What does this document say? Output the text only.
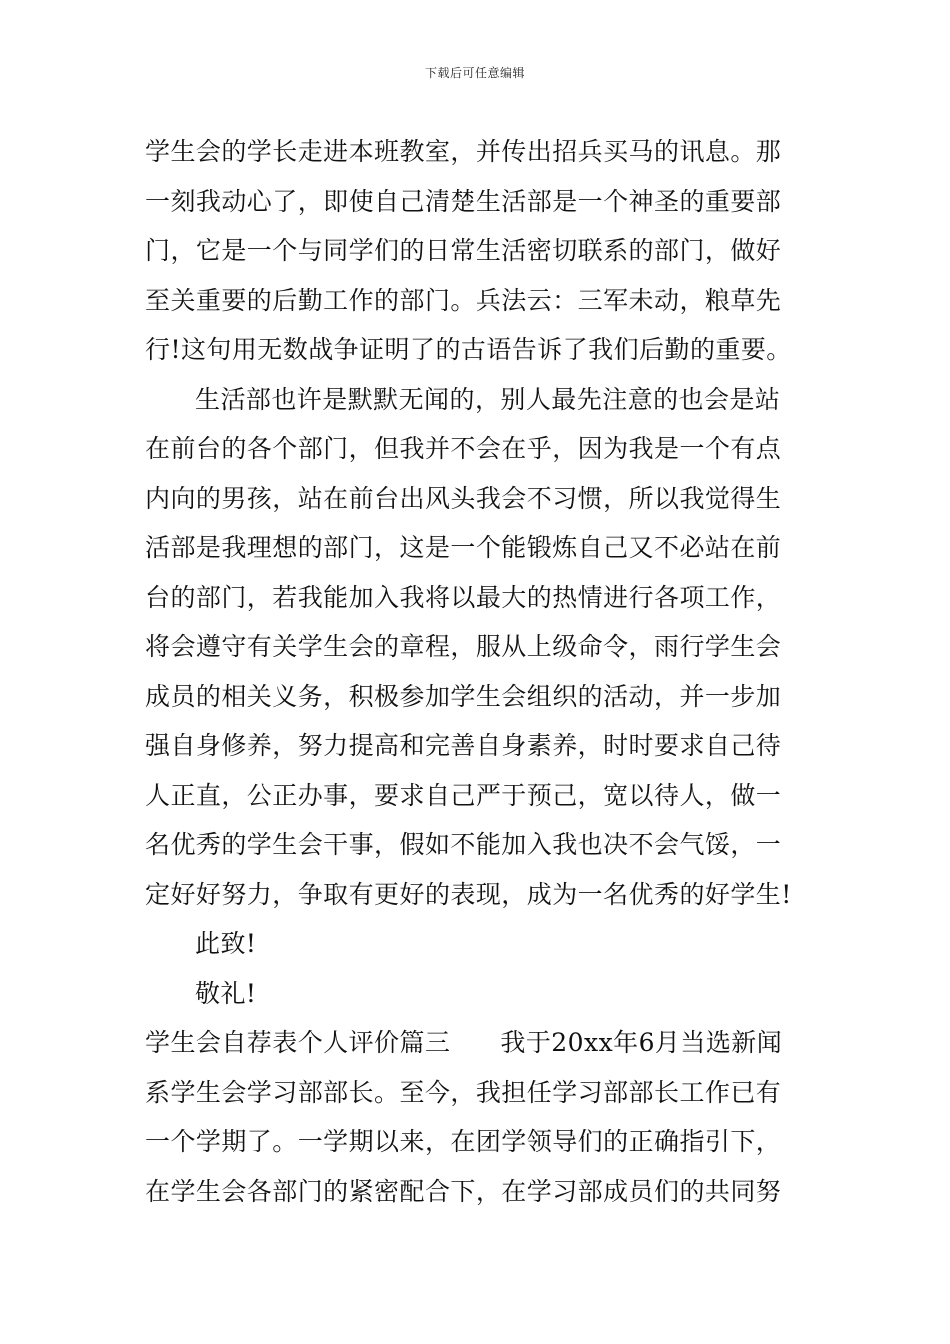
下载后可任意编辑
学生会的学长走进本班教室，并传出招兵买马的讯息。那
一刻我动心了，即使自己清楚生活部是一个神圣的重要部
门，它是一个与同学们的日常生活密切联系的部门，做好
至关重要的后勤工作的部门。兵法云：三军未动，粮草先
行!这句用无数战争证明了的古语告诉了我们后勤的重要。
生活部也许是默默无闻的，别人最先注意的也会是站
在前台的各个部门，但我并不会在乎，因为我是一个有点
内向的男孩，站在前台出风头我会不习惯，所以我觉得生
活部是我理想的部门，这是一个能锻炼自己又不必站在前
台的部门，若我能加入我将以最大的热情进行各项工作，
将会遵守有关学生会的章程，服从上级命令，雨行学生会
成员的相关义务，积极参加学生会组织的活动，并一步加
强自身修养，努力提高和完善自身素养，时时要求自己待
人正直，公正办事，要求自己严于预己，宽以待人，做一
名优秀的学生会干事，假如不能加入我也决不会气馁，一
定好好努力，争取有更好的表现，成为一名优秀的好学生!
此致!
敬礼!
学生会自荐表个人评价篇三 我于20xx年6月当选新闻
系学生会学习部部长。至今，我担任学习部部长工作已有
一个学期了。一学期以来，在团学领导们的正确指引下，
在学生会各部门的紧密配合下，在学习部成员们的共同努
